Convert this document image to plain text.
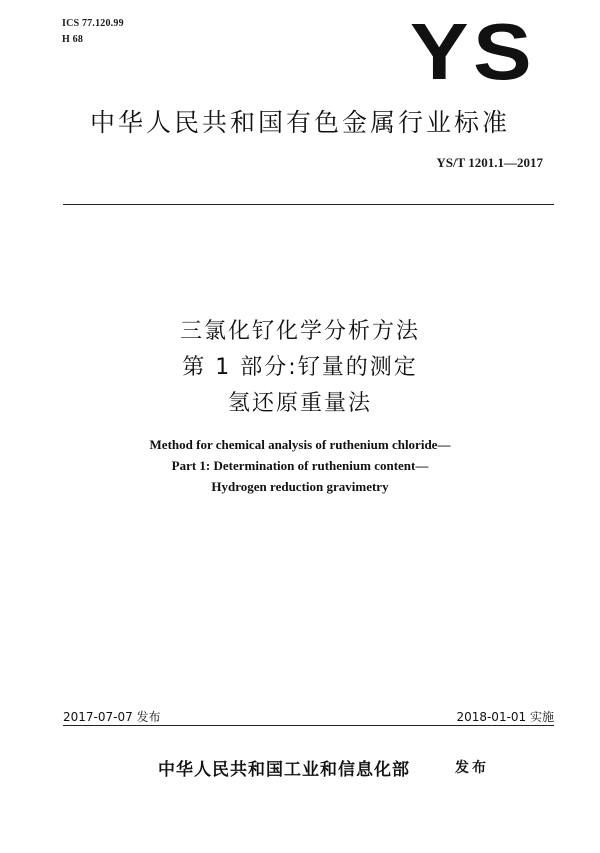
ICS 77.120.99
H 68	YS
中华人民共和国有色金属行业标准
YS/T 1201.1—2017
三氯化钌化学分析方法
第 1 部分:钌量的测定
氢还原重量法
Method for chemical analysis of ruthenium chloride—
Part 1: Determination of ruthenium content—
Hydrogen reduction gravimetry
2017-07-07 发布	2018-01-01 实施
中华人民共和国工业和信息化部	发布
